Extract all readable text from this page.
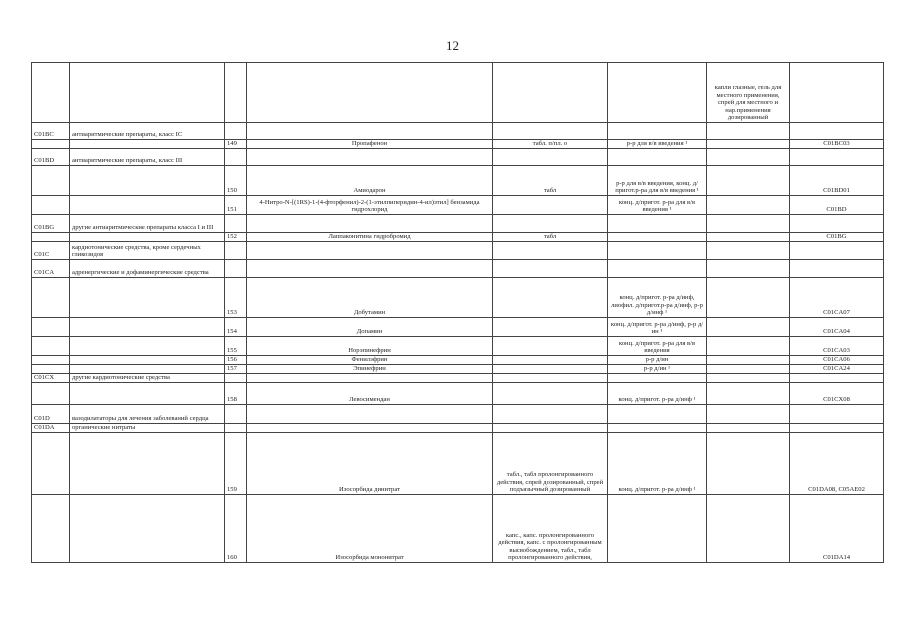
12
						капли глазные, гель для местного применения, спрей для местного и нар.применения дозированный	
C01BC	антиаритмические препараты, класс IC						
		149	Пропафенон	табл. п/пл. о	р-р для в/в введения ¹		C01BC03
C01BD	антиаритмические препараты, класс III						
		150	Амиодарон	табл	р-р для в/в введения, конц. д/пригот.р-ра для в/в введения ¹		C01BD01
		151	4-Нитро-N-[(1RS)-1-(4-фторфенил)-2-(1-этилпиперидин-4-ил)этил] бензамида гидрохлорид		конц. д/пригот. р-ра для в/в введения ¹		C01BD
C01BG	другие антиаритмические препараты класса I и III						
		152	Лаппаконитина гидробромид	табл			C01BG
C01C	кардиотонические средства, кроме сердечных гликозидов						
C01CA	адренергические и дофаминергические средства						
		153	Добутамин		конц. д/пригот. р-ра д/инф, лиофил. д/пригот.р-ра д/инф, р-р д/инф ¹		C01CA07
		154	Допамин		конц. д/пригот. р-ра д/инф, р-р д/ин ¹		C01CA04
		155	Норэпинефрин		конц. д/пригот. р-ра для в/в введения		C01CA03
		156	Фенилэфрин		р-р д/ин		C01CA06
		157	Эпинефрин		р-р д/ин ¹		C01CA24
C01CX	другие кардиотонические средства						
		158	Левосимендан		конц. д/пригот. р-ра д/инф ¹		C01CX08
C01D	вазодилататоры для лечения заболеваний сердца						
C01DA	органические нитраты						
		159	Изосорбида динитрат	табл., табл пролонгированного действия, спрей дозированный, спрей подъязычный дозированный	конц. д/пригот. р-ра д/инф ¹		C01DA08, C05AE02
		160	Изосорбида мононитрат	капс., капс. пролонгированного действия, капс. с пролонгированным высвобождением, табл., табл пролонгированного действия,			C01DA14
